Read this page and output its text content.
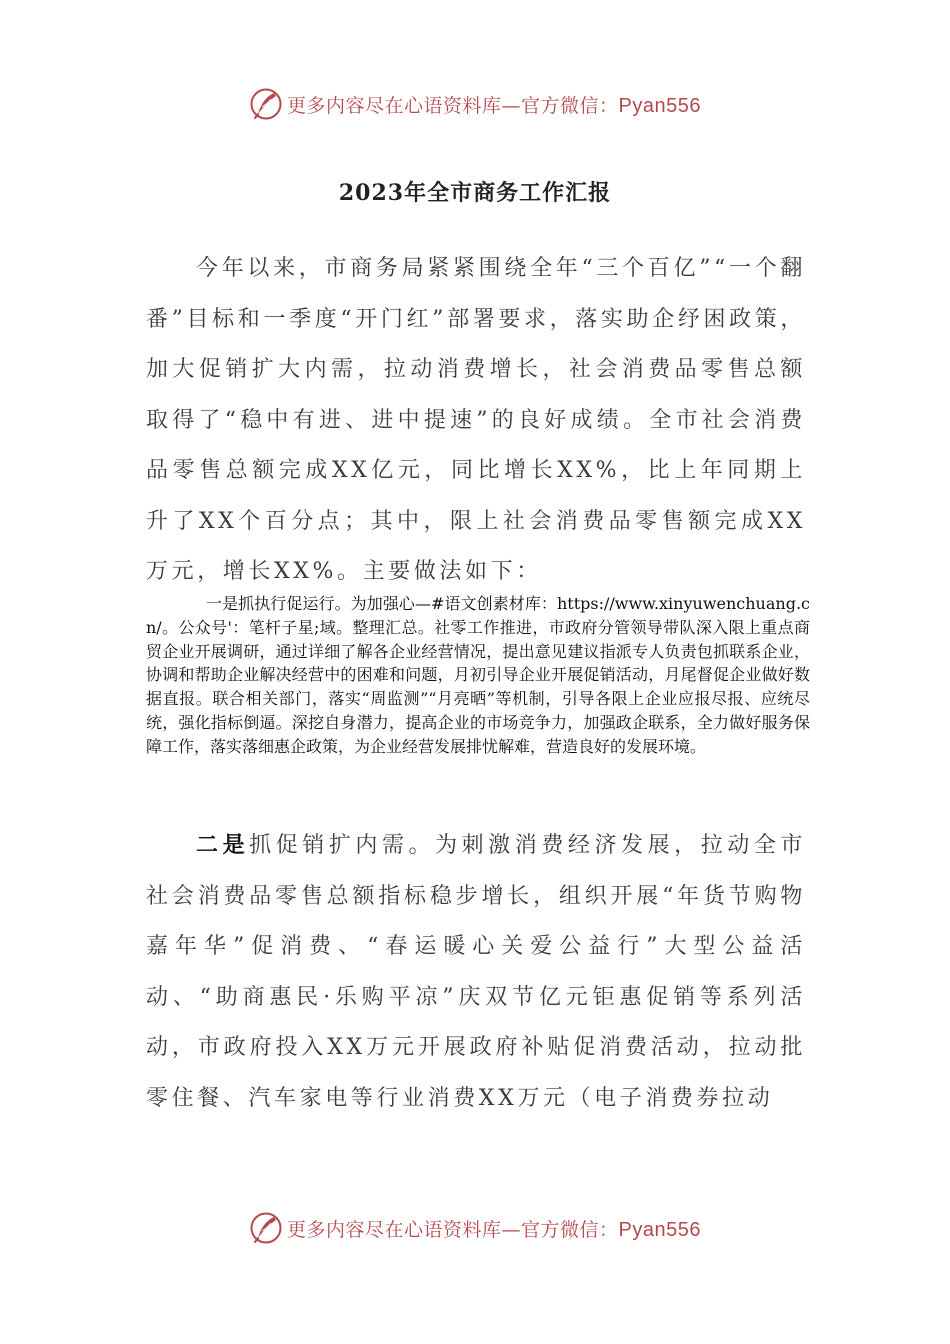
更多内容尽在心语资料库—官方微信：Pyan556
2023年全市商务工作汇报

今年以来，市商务局紧紧围绕全年“三个百亿”“一个翻番”目标和一季度“开门红”部署要求，落实助企纾困政策，加大促销扩大内需，拉动消费增长，社会消费品零售总额取得了“稳中有进、进中提速”的良好成绩。全市社会消费品零售总额完成XX亿元，同比增长XX%，比上年同期上升了XX个百分点；其中，限上社会消费品零售额完成XX万元，增长XX%。主要做法如下：

一是抓执行促运行。为加强心—#语文创素材库：https://www.xinyuwenchuang.cn/。公众号'：笔杆子星;域。整理汇总。社零工作推进，市政府分管领导带队深入限上重点商贸企业开展调研，通过详细了解各企业经营情况，提出意见建议指派专人负责包抓联系企业，协调和帮助企业解决经营中的困难和问题，月初引导企业开展促销活动，月尾督促企业做好数据直报。联合相关部门，落实“周监测”“月亮晒”等机制，引导各限上企业应报尽报、应统尽统，强化指标倒逼。深挖自身潜力，提高企业的市场竞争力，加强政企联系，全力做好服务保障工作，落实落细惠企政策，为企业经营发展排忧解难，营造良好的发展环境。

二是抓促销扩内需。为刺激消费经济发展，拉动全市社会消费品零售总额指标稳步增长，组织开展“年货节购物嘉年华”促消费、“春运暖心关爱公益行”大型公益活动、“助商惠民·乐购平凉”庆双节亿元钜惠促销等系列活动，市政府投入XX万元开展政府补贴促消费活动，拉动批零住餐、汽车家电等行业消费XX万元（电子消费券拉动

更多内容尽在心语资料库—官方微信：Pyan556
